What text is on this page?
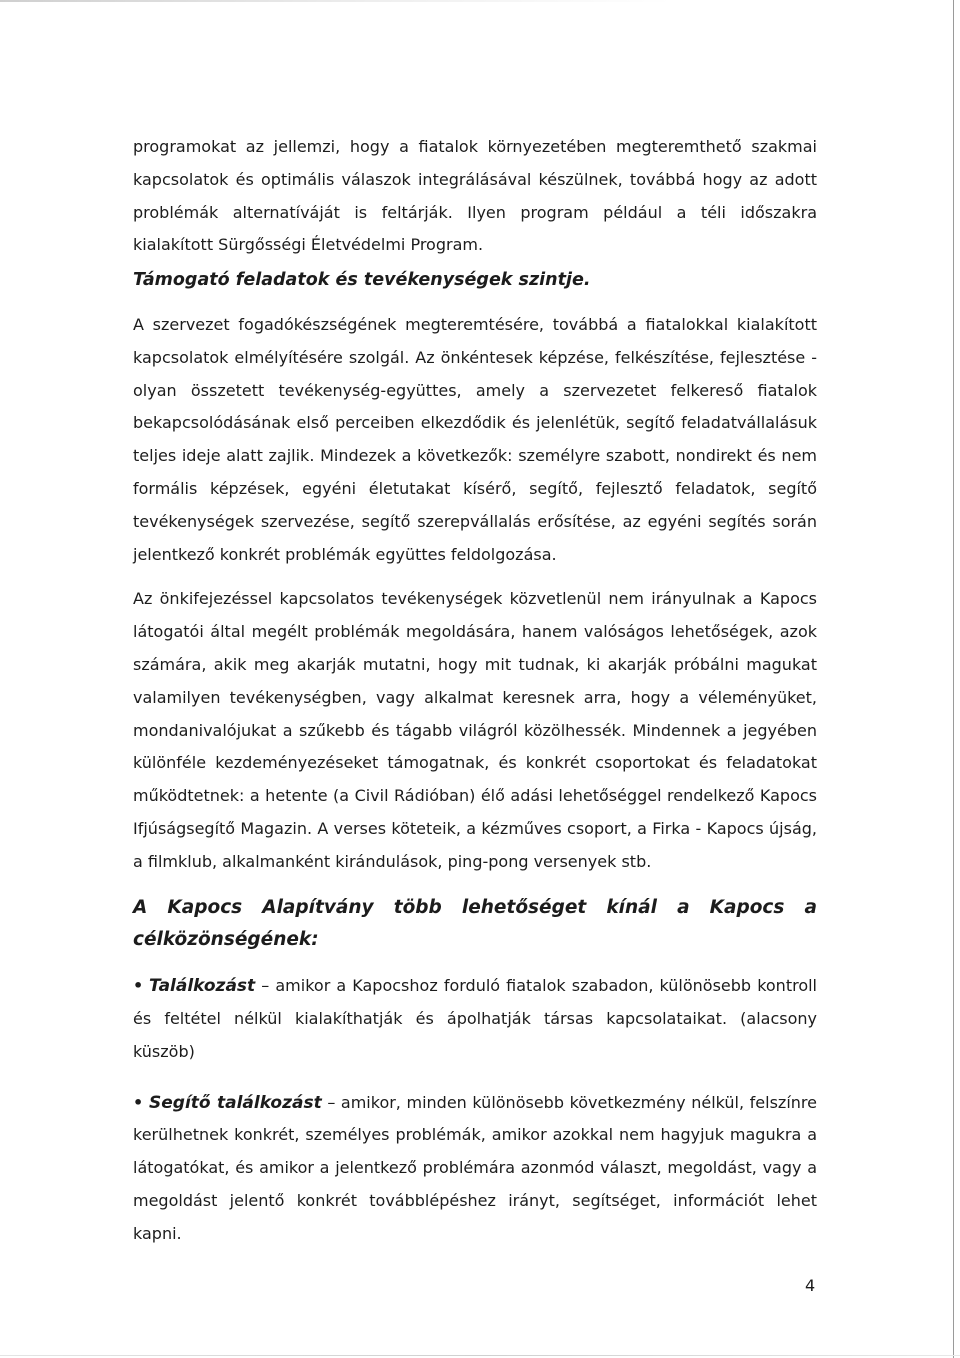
programokat az jellemzi, hogy a fiatalok környezetében megteremthető szakmai kapcsolatok és optimális válaszok integrálásával készülnek, továbbá hogy az adott problémák alternatíváját is feltárják. Ilyen program például a téli időszakra kialakított Sürgősségi Életvédelmi Program.

Támogató feladatok és tevékenységek szintje.

A szervezet fogadókészségének megteremtésére, továbbá a fiatalokkal kialakított kapcsolatok elmélyítésére szolgál. Az önkéntesek képzése, felkészítése, fejlesztése - olyan összetett tevékenység-együttes, amely a szervezetet felkereső fiatalok bekapcsolódásának első perceiben elkezdődik és jelenlétük, segítő feladatvállalásuk teljes ideje alatt zajlik. Mindezek a következők: személyre szabott, nondirekt és nem formális képzések, egyéni életutakat kísérő, segítő, fejlesztő feladatok, segítő tevékenységek szervezése, segítő szerepvállalás erősítése, az egyéni segítés során jelentkező konkrét problémák együttes feldolgozása.

Az önkifejezéssel kapcsolatos tevékenységek közvetlenül nem irányulnak a Kapocs látogatói által megélt problémák megoldására, hanem valóságos lehetőségek, azok számára, akik meg akarják mutatni, hogy mit tudnak, ki akarják próbálni magukat valamilyen tevékenységben, vagy alkalmat keresnek arra, hogy a véleményüket, mondanivalójukat a szűkebb és tágabb világról közölhessék. Mindennek a jegyében különféle kezdeményezéseket támogatnak, és konkrét csoportokat és feladatokat működtetnek: a hetente (a Civil Rádióban) élő adási lehetőséggel rendelkező Kapocs Ifjúságsegítő Magazin. A verses köteteik, a kézműves csoport, a Firka - Kapocs újság, a filmklub, alkalmanként kirándulások, ping-pong versenyek stb.

A Kapocs Alapítvány több lehetőséget kínál a Kapocs a célközönségének:

• Találkozást – amikor a Kapocshoz forduló fiatalok szabadon, különösebb kontroll és feltétel nélkül kialakíthatják és ápolhatják társas kapcsolataikat. (alacsony küszöb)

• Segítő találkozást – amikor, minden különösebb következmény nélkül, felszínre kerülhetnek konkrét, személyes problémák, amikor azokkal nem hagyjuk magukra a látogatókat, és amikor a jelentkező problémára azonmód választ, megoldást, vagy a megoldást jelentő konkrét továbblépéshez irányt, segítséget, információt lehet kapni.

4
